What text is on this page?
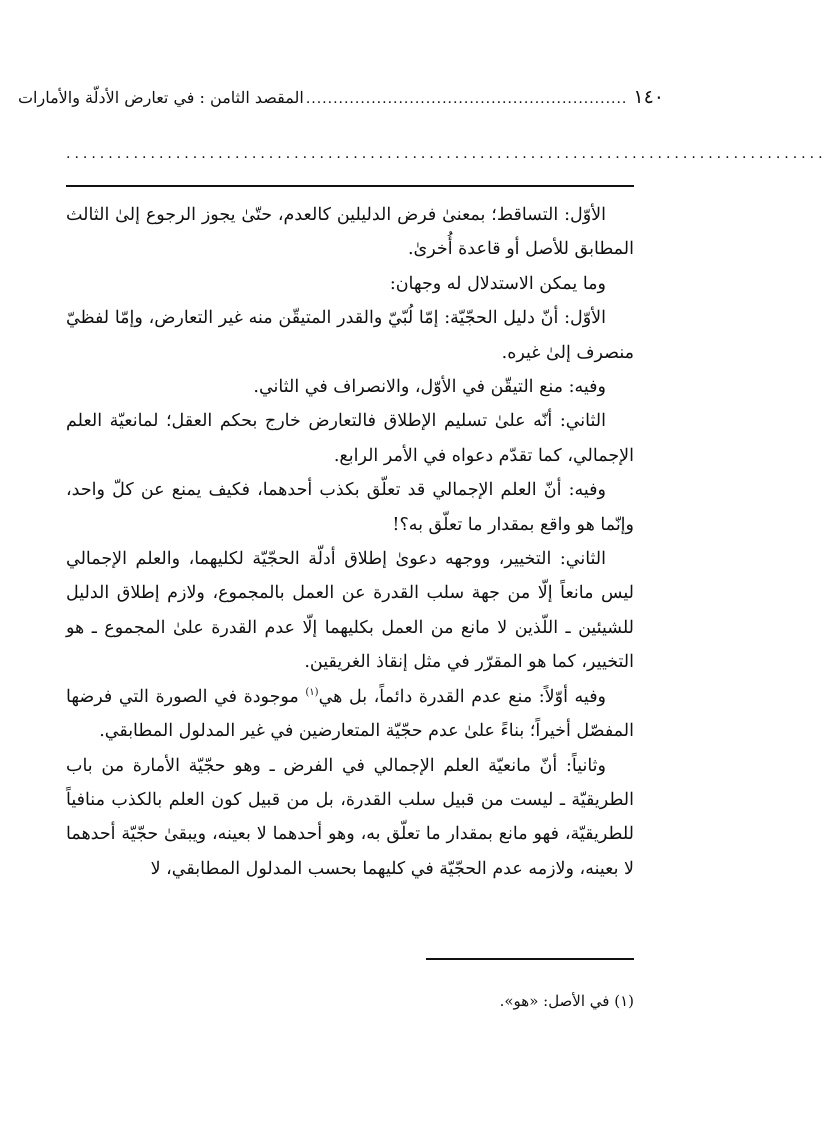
١٤٠
...........................................................
المقصد الثامن : في تعارض الأدلّة والأمارات
..........................................................................................

الأوّل: التساقط؛ بمعنىٰ فرض الدليلين كالعدم، حتّىٰ يجوز الرجوع إلىٰ الثالث المطابق للأصل أو قاعدة أُخرىٰ.

وما يمكن الاستدلال له وجهان:

الأوّل: أنّ دليل الحجّيّة: إمّا لُبّيّ والقدر المتيقّن منه غير التعارض، وإمّا لفظيّ منصرف إلىٰ غيره.

وفيه: منع التيقّن في الأوّل، والانصراف في الثاني.

الثاني: أنّه علىٰ تسليم الإطلاق فالتعارض خارج بحكم العقل؛ لمانعيّة العلم الإجمالي، كما تقدّم دعواه في الأمر الرابع.

وفيه: أنّ العلم الإجمالي قد تعلّق بكذب أحدهما، فكيف يمنع عن كلّ واحد، وإنّما هو واقع بمقدار ما تعلّق به؟!

الثاني: التخيير، ووجهه دعوىٰ إطلاق أدلّة الحجّيّة لكليهما، والعلم الإجمالي ليس مانعاً إلّا من جهة سلب القدرة عن العمل بالمجموع، ولازم إطلاق الدليل للشيئين ـ اللّذين لا مانع من العمل بكليهما إلّا عدم القدرة علىٰ المجموع ـ هو التخيير، كما هو المقرّر في مثل إنقاذ الغريقين.

وفيه أوّلاً: منع عدم القدرة دائماً، بل هي$^{(١)}$ موجودة في الصورة التي فرضها المفصّل أخيراً؛ بناءً علىٰ عدم حجّيّة المتعارضين في غير المدلول المطابقي.

وثانياً: أنّ مانعيّة العلم الإجمالي في الفرض ـ وهو حجّيّة الأمارة من باب الطريقيّة ـ ليست من قبيل سلب القدرة، بل من قبيل كون العلم بالكذب منافياً للطريقيّة، فهو مانع بمقدار ما تعلّق به، وهو أحدهما لا بعينه، ويبقىٰ حجّيّة أحدهما لا بعينه، ولازمه عدم الحجّيّة في كليهما بحسب المدلول المطابقي، لا

(١) في الأصل: «هو».
